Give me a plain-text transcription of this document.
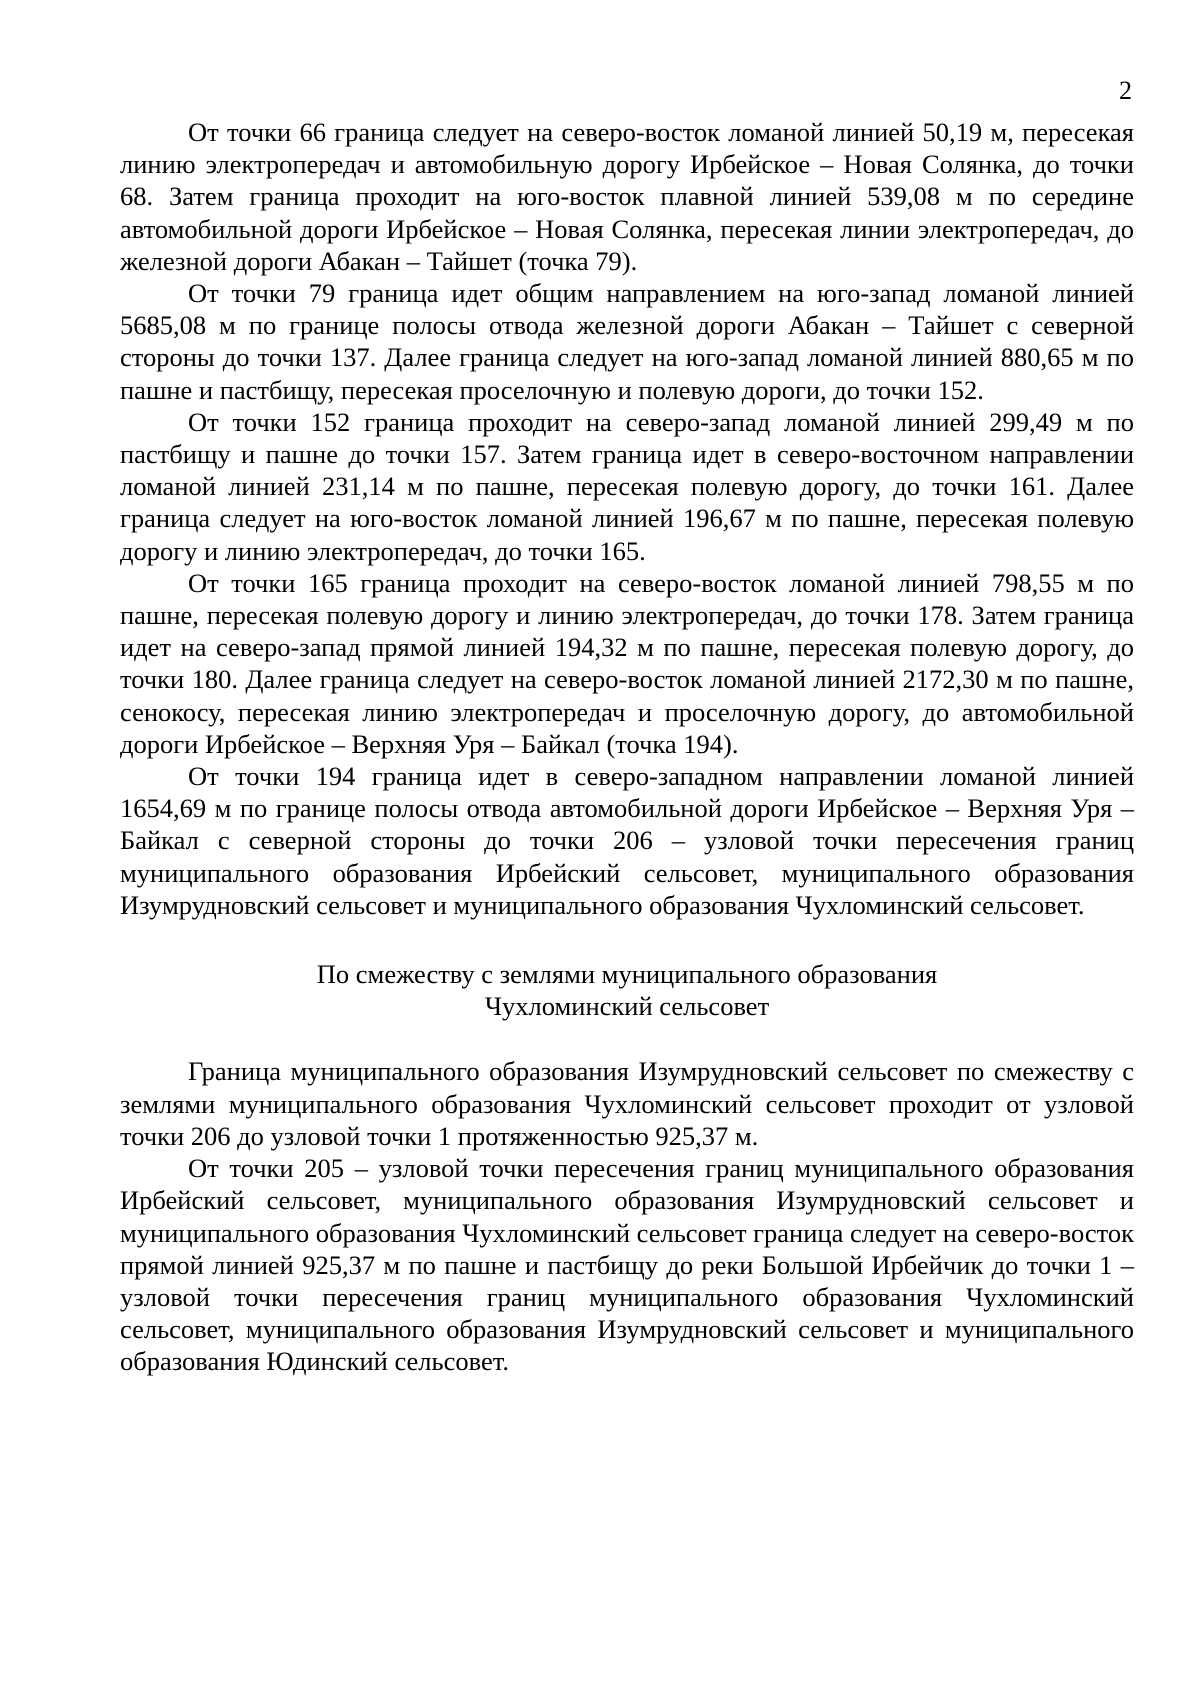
2

От точки 66 граница следует на северо-восток ломаной линией 50,19 м, пересекая линию электропередач и автомобильную дорогу Ирбейское – Новая Солянка, до точки 68. Затем граница проходит на юго-восток плавной линией 539,08 м по середине автомобильной дороги Ирбейское – Новая Солянка, пересекая линии электропередач, до железной дороги Абакан – Тайшет (точка 79).

От точки 79 граница идет общим направлением на юго-запад ломаной линией 5685,08 м по границе полосы отвода железной дороги Абакан – Тайшет с северной стороны до точки 137. Далее граница следует на юго-запад ломаной линией 880,65 м по пашне и пастбищу, пересекая проселочную и полевую дороги, до точки 152.

От точки 152 граница проходит на северо-запад ломаной линией 299,49 м по пастбищу и пашне до точки 157. Затем граница идет в северо-восточном направлении ломаной линией 231,14 м по пашне, пересекая полевую дорогу, до точки 161. Далее граница следует на юго-восток ломаной линией 196,67 м по пашне, пересекая полевую дорогу и линию электропередач, до точки 165.

От точки 165 граница проходит на северо-восток ломаной линией 798,55 м по пашне, пересекая полевую дорогу и линию электропередач, до точки 178. Затем граница идет на северо-запад прямой линией 194,32 м по пашне, пересекая полевую дорогу, до точки 180. Далее граница следует на северо-восток ломаной линией 2172,30 м по пашне, сенокосу, пересекая линию электропередач и проселочную дорогу, до автомобильной дороги Ирбейское – Верхняя Уря – Байкал (точка 194).

От точки 194 граница идет в северо-западном направлении ломаной линией 1654,69 м по границе полосы отвода автомобильной дороги Ирбейское – Верхняя Уря – Байкал с северной стороны до точки 206 – узловой точки пересечения границ муниципального образования Ирбейский сельсовет, муниципального образования Изумрудновский сельсовет и муниципального образования Чухломинский сельсовет.

По смежеству с землями муниципального образования
Чухломинский сельсовет

Граница муниципального образования Изумрудновский сельсовет по смежеству с землями муниципального образования Чухломинский сельсовет проходит от узловой точки 206 до узловой точки 1 протяженностью 925,37 м.

От точки 205 – узловой точки пересечения границ муниципального образования Ирбейский сельсовет, муниципального образования Изумрудновский сельсовет и муниципального образования Чухломинский сельсовет граница следует на северо-восток прямой линией 925,37 м по пашне и пастбищу до реки Большой Ирбейчик до точки 1 – узловой точки пересечения границ муниципального образования Чухломинский сельсовет, муниципального образования Изумрудновский сельсовет и муниципального образования Юдинский сельсовет.
